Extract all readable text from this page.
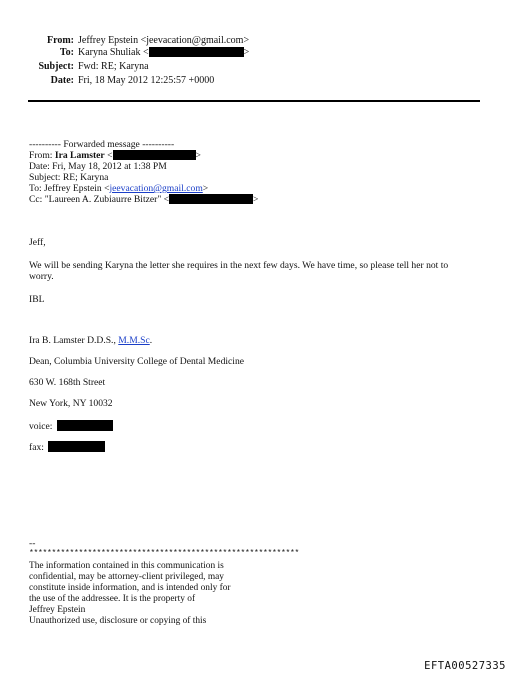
From: Jeffrey Epstein <jeevacation@gmail.com>
To: Karyna Shuliak <	>
Subject: Fwd: RE; Karyna
Date: Fri, 18 May 2012 12:25:57 +0000
---------- Forwarded message ----------
From: Ira Lamster <	>
Date: Fri, May 18, 2012 at 1:38 PM
Subject: RE; Karyna
To: Jeffrey Epstein <jeevacation@gmail.com>
Cc: "Laureen A. Zubiaurre Bitzer" <	>
Jeff,
We will be sending Karyna the letter she requires in the next few days. We have time, so please tell her not to
worry.
IBL
Ira B. Lamster D.D.S., M.M.Sc.
Dean, Columbia University College of Dental Medicine
630 W. 168th Street
New York, NY 10032
voice:
fax:
--
************************************************************
The information contained in this communication is
confidential, may be attorney-client privileged, may
constitute inside information, and is intended only for
the use of the addressee. It is the property of
Jeffrey Epstein
Unauthorized use, disclosure or copying of this
EFTA00527335
